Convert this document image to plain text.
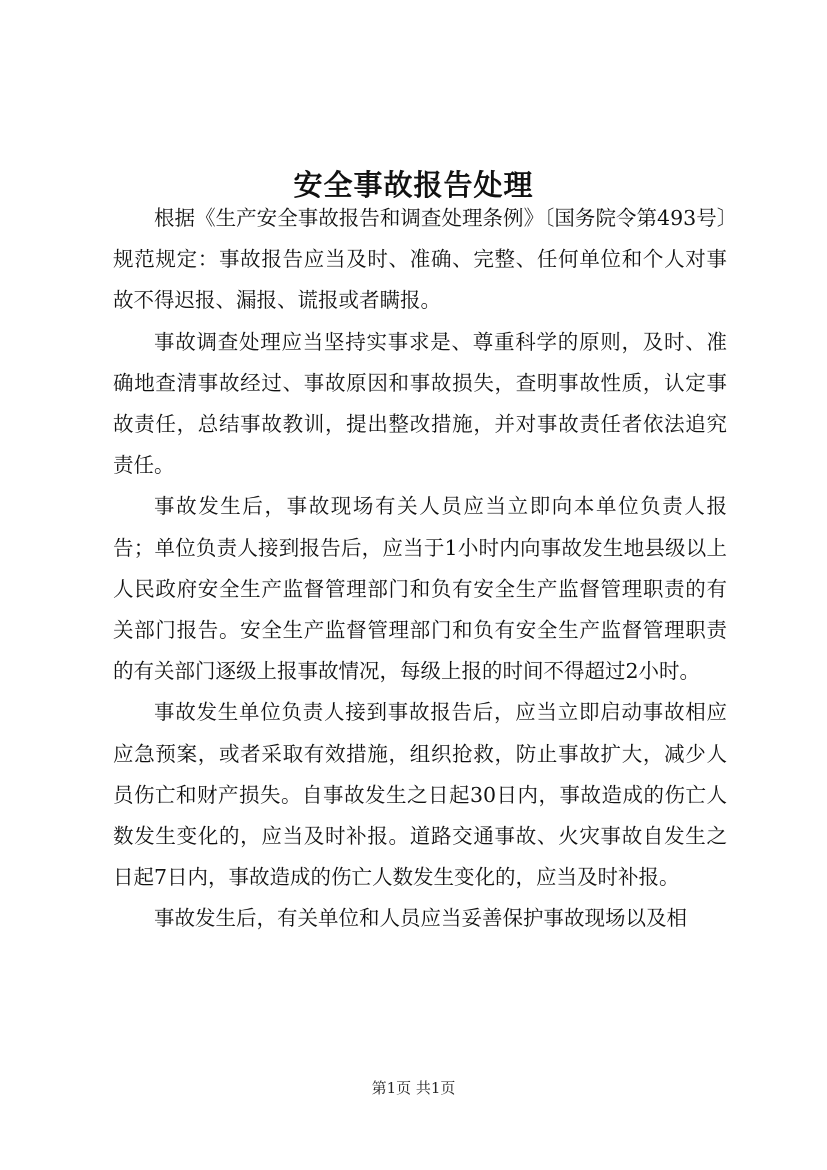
安全事故报告处理

根据《生产安全事故报告和调查处理条例》〔国务院令第493号〕规范规定：事故报告应当及时、准确、完整、任何单位和个人对事故不得迟报、漏报、谎报或者瞒报。

事故调查处理应当坚持实事求是、尊重科学的原则，及时、准确地查清事故经过、事故原因和事故损失，查明事故性质，认定事故责任，总结事故教训，提出整改措施，并对事故责任者依法追究责任。

事故发生后，事故现场有关人员应当立即向本单位负责人报告；单位负责人接到报告后，应当于1小时内向事故发生地县级以上人民政府安全生产监督管理部门和负有安全生产监督管理职责的有关部门报告。安全生产监督管理部门和负有安全生产监督管理职责的有关部门逐级上报事故情况，每级上报的时间不得超过2小时。

事故发生单位负责人接到事故报告后，应当立即启动事故相应应急预案，或者采取有效措施，组织抢救，防止事故扩大，减少人员伤亡和财产损失。自事故发生之日起30日内，事故造成的伤亡人数发生变化的，应当及时补报。道路交通事故、火灾事故自发生之日起7日内，事故造成的伤亡人数发生变化的，应当及时补报。

事故发生后，有关单位和人员应当妥善保护事故现场以及相

第1页 共1页
